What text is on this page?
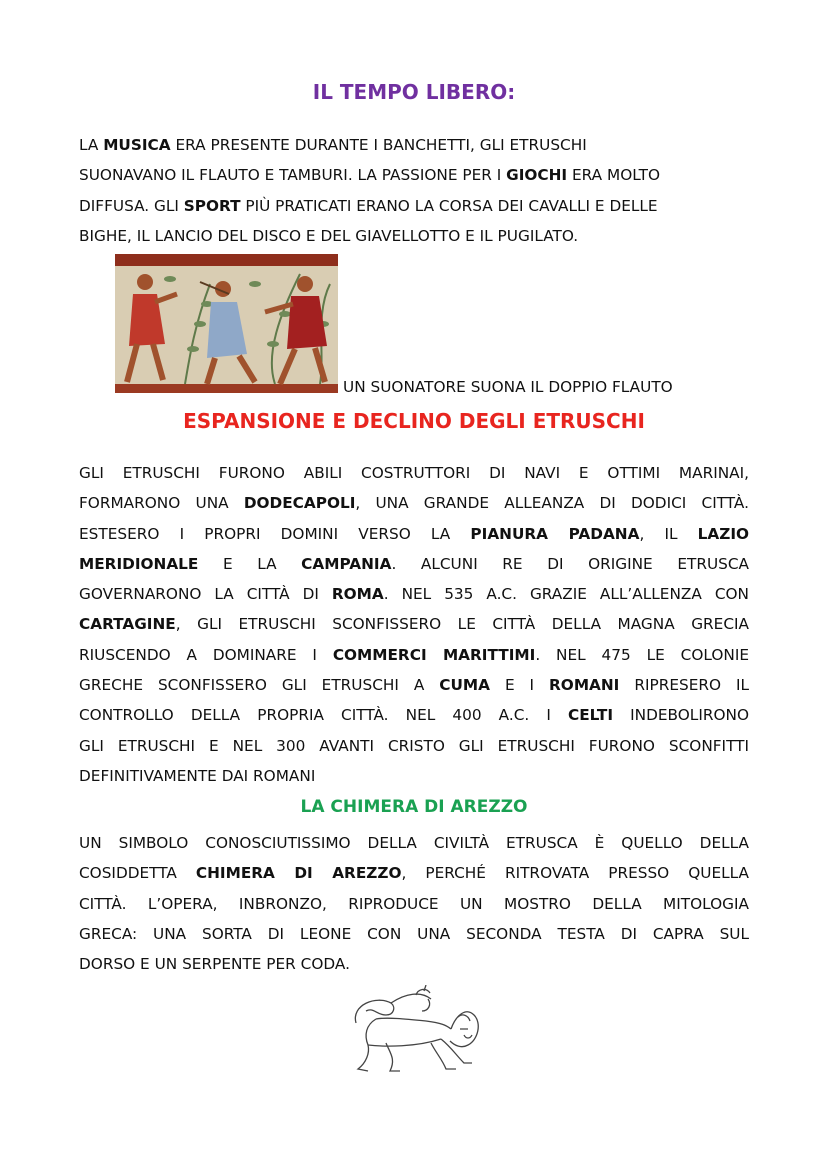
IL TEMPO LIBERO:
LA MUSICA ERA PRESENTE DURANTE I BANCHETTI, GLI ETRUSCHI
SUONAVANO IL FLAUTO E TAMBURI. LA PASSIONE PER I GIOCHI ERA MOLTO
DIFFUSA. GLI SPORT PIÙ PRATICATI ERANO LA CORSA DEI CAVALLI E DELLE
BIGHE, IL LANCIO DEL DISCO E DEL GIAVELLOTTO E IL PUGILATO.

UN SUONATORE SUONA IL DOPPIO FLAUTO

ESPANSIONE E DECLINO DEGLI ETRUSCHI
GLI ETRUSCHI FURONO ABILI COSTRUTTORI DI NAVI E OTTIMI MARINAI,
FORMARONO UNA DODECAPOLI, UNA GRANDE ALLEANZA DI DODICI CITTÀ.
ESTESERO I PROPRI DOMINI VERSO LA PIANURA PADANA, IL LAZIO
MERIDIONALE E LA CAMPANIA. ALCUNI RE DI ORIGINE ETRUSCA
GOVERNARONO LA CITTÀ DI ROMA. NEL 535 A.C. GRAZIE ALL’ALLENZA CON
CARTAGINE, GLI ETRUSCHI SCONFISSERO LE CITTÀ DELLA MAGNA GRECIA
RIUSCENDO A DOMINARE I COMMERCI MARITTIMI. NEL 475 LE COLONIE
GRECHE SCONFISSERO GLI ETRUSCHI A CUMA E I ROMANI RIPRESERO IL
CONTROLLO DELLA PROPRIA CITTÀ. NEL 400 A.C. I CELTI INDEBOLIRONO
GLI ETRUSCHI E NEL 300 AVANTI CRISTO GLI ETRUSCHI FURONO SCONFITTI
DEFINITIVAMENTE DAI ROMANI
LA CHIMERA DI AREZZO
UN SIMBOLO CONOSCIUTISSIMO DELLA CIVILTÀ ETRUSCA È QUELLO DELLA
COSIDDETTA CHIMERA DI AREZZO, PERCHÉ RITROVATA PRESSO QUELLA
CITTÀ. L’OPERA, INBRONZO, RIPRODUCE UN MOSTRO DELLA MITOLOGIA
GRECA: UNA SORTA DI LEONE CON UNA SECONDA TESTA DI CAPRA SUL
DORSO E UN SERPENTE PER CODA.
